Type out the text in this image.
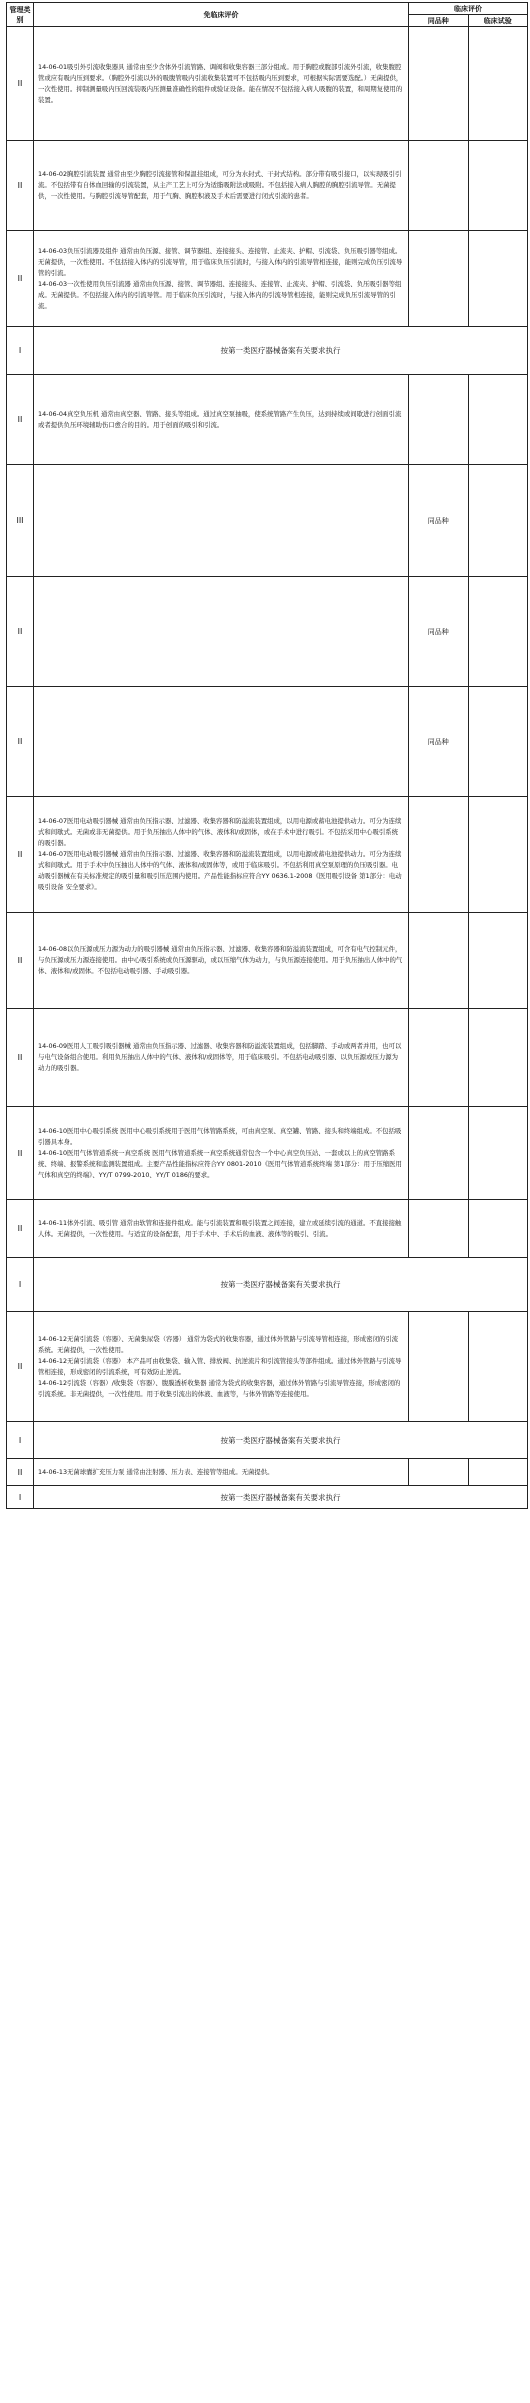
管理类别	免临床评价	临床评价	
		同品种	临床试验
II	14-06-01吸引外引流收集器具 通常由至少含体外引流管路、调阀和收集容器三部分组成。用于胸腔或腹部引流外引流，收集腹腔管或应有吸内压到要求。（胸腔外引流以外的吸腹管吸内引流收集装置可不包括吸内压到要求，可根据实际需要选配。）无菌提供，一次性使用。抑制测量吸内压回流装吸内压测量准确性的组件或验证设备。能在情况不包括接入病人吸腹的装置，和周期复使用的装置。		
II	14-06-02胸腔引流装置 通常由至少胸腔引流接管和保温挂组成，可分为水封式、干封式结构。部分带有吸引接口，以实现吸引引流。不包括带有自体血回输的引流装置，从主产工艺上可分为适脂吸附法或吸附。不包括接入病人胸腔的胸腔引流导管。无菌提供，一次性使用。与胸腔引流导管配套，用于气胸、胸腔积液及手术后需要进行闭式引流的患者。		
II	14-06-03负压引流器及组件 通常由负压源、接管、调节器组、连接接头、连接管、止流夹、护帽、引流袋、负压吸引器等组成。无菌提供，一次性使用。不包括接入体内的引流导管，用于临床负压引流时，与接入体内的引流导管相连接，能则完成负压引流导管的引流。
14-06-03一次性使用负压引流器 通常由负压源、接管、调节器组、连接接头、连接管、止流夹、护帽、引流袋、负压吸引器等组成。无菌提供。不包括接入体内的引流导管。用于临床负压引流时，与接入体内的引流导管相连接，能则完成负压引流导管的引流。		
I	按第一类医疗器械备案有关要求执行		
II	14-06-04真空负压机 通常由真空器、管路、接头等组成。通过真空泵抽吸，使系统管路产生负压，达到持续或间歇进行创面引流或者提供负压环境辅助伤口愈合的目的。用于创面的吸引和引流。		
III		同品种	
II		同品种	
II		同品种	
II	14-06-07医用电动吸引器械 通常由负压指示器、过滤器、收集容器和防溢流装置组成，以用电源或蓄电池提供动力。可分为连续式和间歇式。无菌或非无菌提供。用于负压抽出人体中的气体、液体和/或固体，或在手术中进行吸引。不包括采用中心吸引系统的吸引器。
14-06-07医用电动吸引器械 通常由负压指示器、过滤器、收集容器和防溢流装置组成，以用电源或蓄电池提供动力。可分为连续式和间歇式。用于手术中负压抽出人体中的气体、液体和/或固体等，或用于临床吸引。不包括利用真空泵原理的负压吸引器。电动吸引器械在有关标准规定的吸引量和吸引压范围内使用。产品性能指标应符合YY 0636.1-2008《医用吸引设备 第1部分：电动吸引设备 安全要求》。		
II	14-06-08以负压源或压力源为动力的吸引器械 通常由负压指示器、过滤器、收集容器和防溢流装置组成，可含有电气控制元件，与负压源或压力源连接使用。由中心吸引系统或负压源驱动，或以压缩气体为动力，与负压源连接使用。用于负压抽出人体中的气体、液体和/或固体。不包括电动吸引器、手动吸引器。		
II	14-06-09医用人工吸引吸引器械 通常由负压指示器、过滤器、收集容器和防溢流装置组成，包括脚踏、手动或两者并用，也可以与电气设备组合使用。利用负压抽出人体中的气体、液体和/或固体等，用于临床吸引。不包括电动吸引器、以负压源或压力源为动力的吸引器。		
II	14-06-10医用中心吸引系统 医用中心吸引系统用于医用气体管路系统，可由真空泵、真空罐、管路、接头和终端组成。不包括吸引器具本身。
14-06-10医用气体管道系统一真空系统 医用气体管道系统一真空系统通常包含一个中心真空负压站、一套或以上的真空管路系统、终端、报警系统和监测装置组成。主要产品性能指标应符合YY 0801-2010《医用气体管道系统终端 第1部分：用于压缩医用气体和真空的终端》、YY/T 0799-2010、YY/T 0186的要求。		
II	14-06-11体外引流、吸引管 通常由软管和连接件组成。能与引流装置和吸引装置之间连接，建立或延续引流的通道。不直接接触人体。无菌提供，一次性使用。与适宜的设备配套，用于手术中、手术后的血液、液体等的吸引、引流。		
I	按第一类医疗器械备案有关要求执行		
II	14-06-12无菌引流袋（容器）、无菌集尿袋（容器） 通常为袋式的收集容器，通过体外管路与引流导管相连接，形成密闭的引流系统。无菌提供，一次性使用。
14-06-12无菌引流袋（容器） 本产品可由收集袋、输入管、排放阀、抗逆流片和引流管接头等部件组成。通过体外管路与引流导管相连接，形成密闭的引流系统，可有效防止逆流。
14-06-12引流袋（容器）/收集袋（容器）、腹膜透析收集器 通常为袋式的收集容器，通过体外管路与引流导管连接，形成密闭的引流系统。非无菌提供，一次性使用。用于收集引流出的体液、血液等，与体外管路等连接使用。		
I	按第一类医疗器械备案有关要求执行		
II	14-06-13无菌球囊扩充压力泵 通常由注射器、压力表、连接管等组成。无菌提供。		
I	按第一类医疗器械备案有关要求执行		
